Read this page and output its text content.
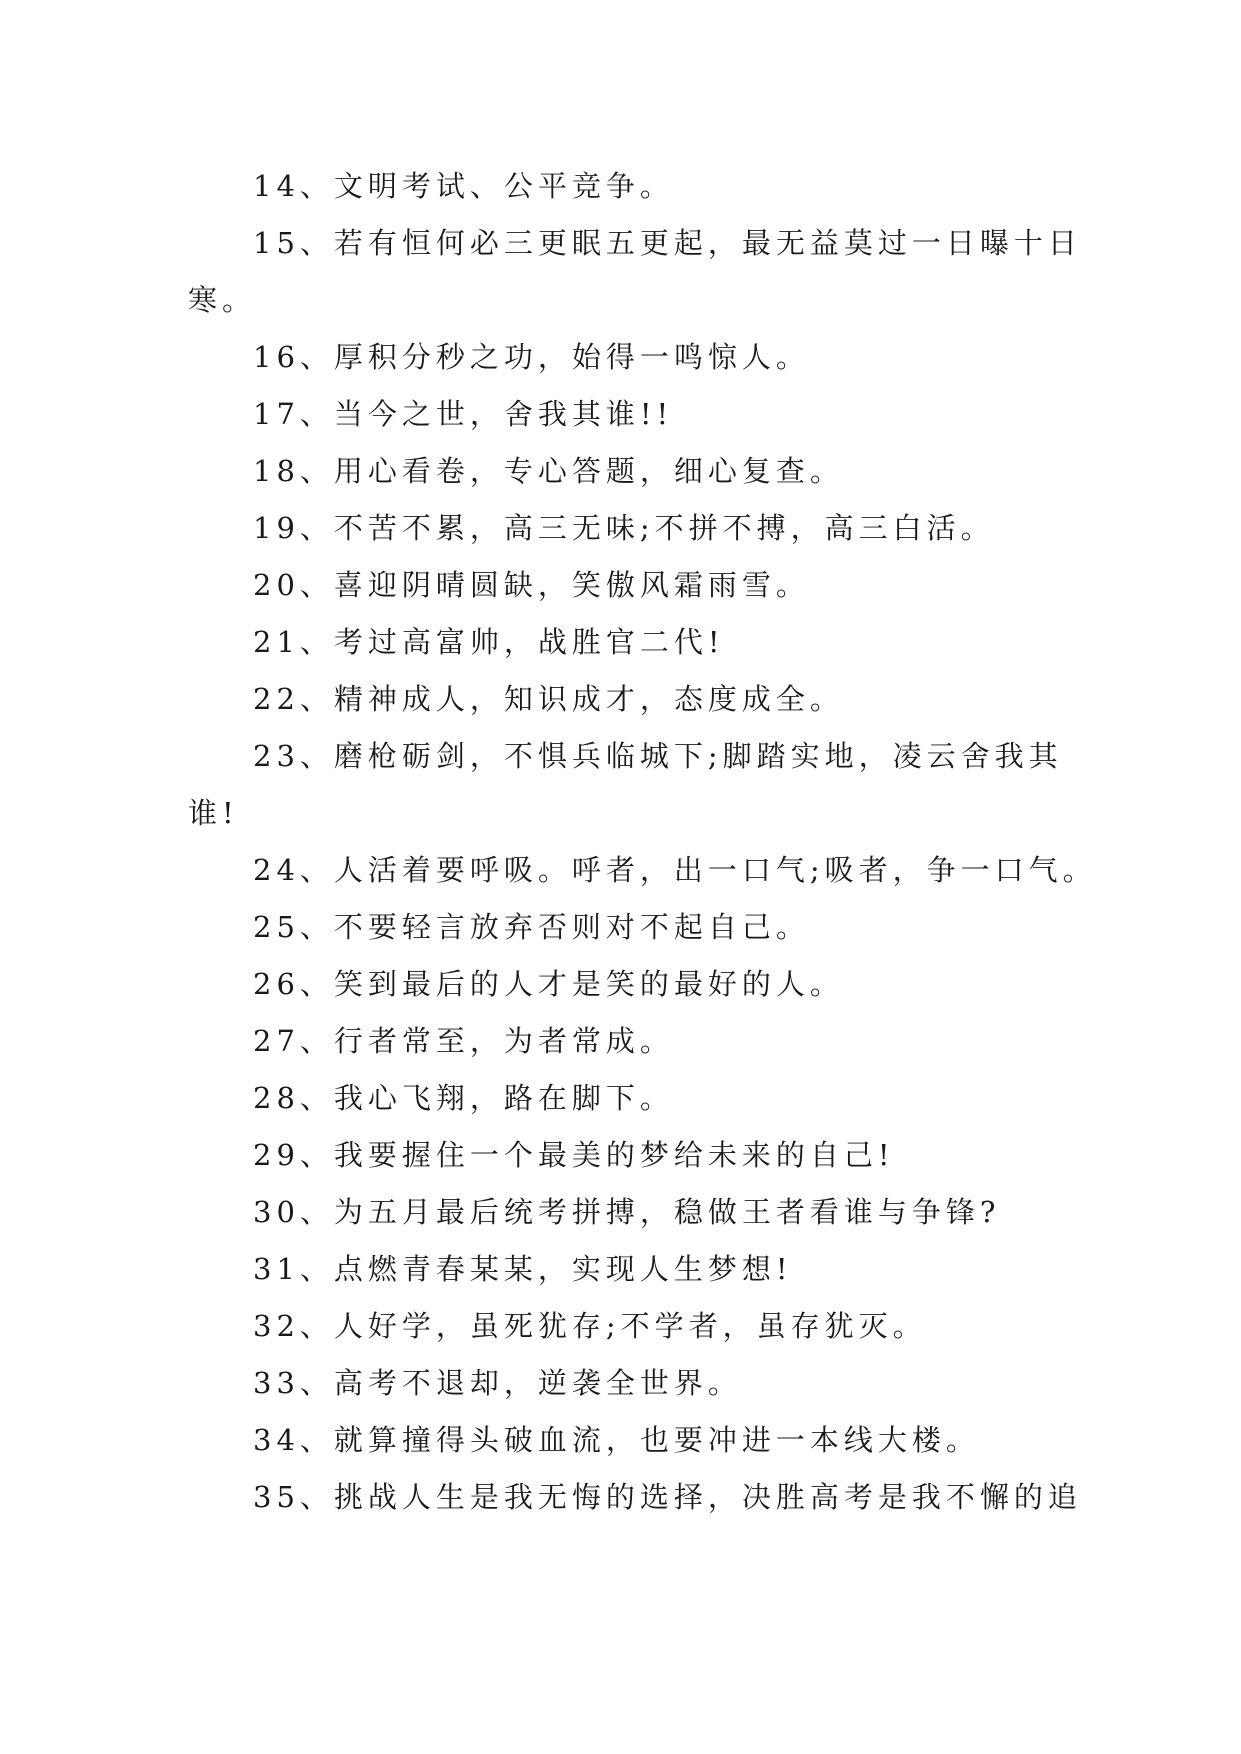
14、文明考试、公平竞争。
15、若有恒何必三更眠五更起，最无益莫过一日曝十日
寒。
16、厚积分秒之功，始得一鸣惊人。
17、当今之世，舍我其谁!!
18、用心看卷，专心答题，细心复查。
19、不苦不累，高三无味;不拼不搏，高三白活。
20、喜迎阴晴圆缺，笑傲风霜雨雪。
21、考过高富帅，战胜官二代!
22、精神成人，知识成才，态度成全。
23、磨枪砺剑，不惧兵临城下;脚踏实地，凌云舍我其
谁!
24、人活着要呼吸。呼者，出一口气;吸者，争一口气。
25、不要轻言放弃否则对不起自己。
26、笑到最后的人才是笑的最好的人。
27、行者常至，为者常成。
28、我心飞翔，路在脚下。
29、我要握住一个最美的梦给未来的自己!
30、为五月最后统考拼搏，稳做王者看谁与争锋?
31、点燃青春某某，实现人生梦想!
32、人好学，虽死犹存;不学者，虽存犹灭。
33、高考不退却，逆袭全世界。
34、就算撞得头破血流，也要冲进一本线大楼。
35、挑战人生是我无悔的选择，决胜高考是我不懈的追
